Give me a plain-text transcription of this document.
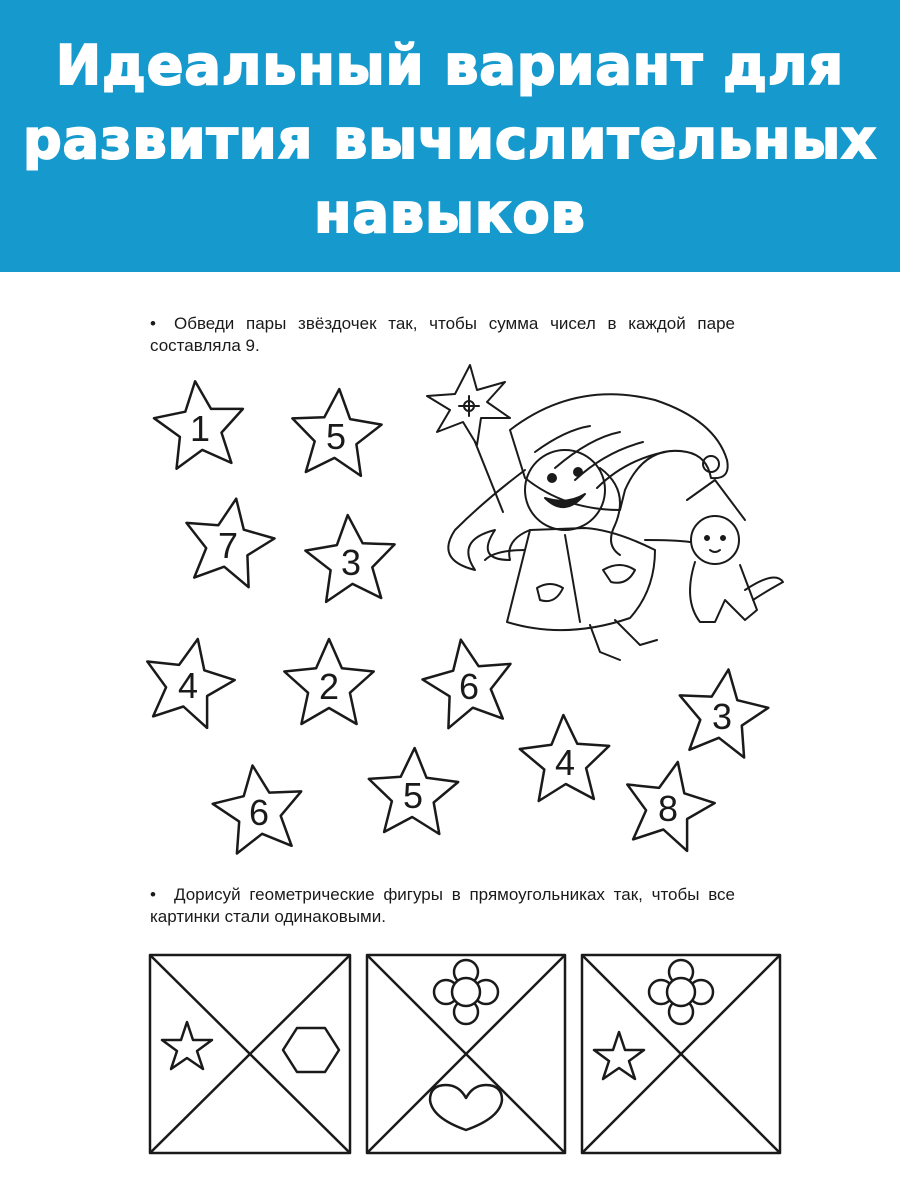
Идеальный вариант для
развития вычислительных
навыков
• Обведи пары звёздочек так, чтобы сумма чисел в каждой паре составляла 9.
1	5
7	3
4	2	6
3
4
5
6	8
• Дорисуй геометрические фигуры в прямоугольниках так, чтобы все картинки стали одинаковыми.
